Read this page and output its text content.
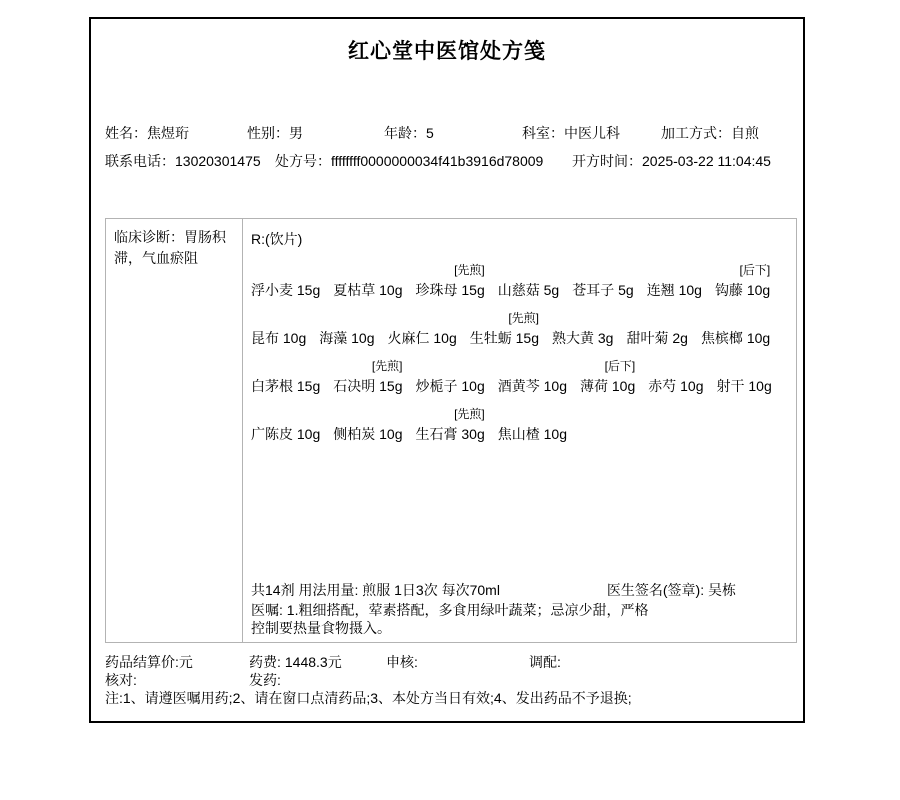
红心堂中医馆处方笺
姓名：焦煜珩	性别：男	年龄：5	科室：中医儿科	加工方式：自煎
联系电话：13020301475	处方号：ffffffff0000000034f41b3916d78009	开方时间：2025-03-22 11:04:45
临床诊断：胃肠积滞，气血瘀阻
R:(饮片)

浮小麦 15g
夏枯草 10g
[先煎]
珍珠母 15g
山慈菇 5g
苍耳子 5g
连翘 10g
[后下]
钩藤 10g

昆布 10g
海藻 10g
火麻仁 10g
[先煎]
生牡蛎 15g
熟大黄 3g
甜叶菊 2g
焦槟榔 10g

白茅根 15g
[先煎]
石决明 15g
炒栀子 10g
酒黄芩 10g
[后下]
薄荷 10g
赤芍 10g
射干 10g

广陈皮 10g
侧柏炭 10g
[先煎]
生石膏 30g
焦山楂 10g
共14剂 用法用量: 煎服 1日3次 每次70ml	医生签名(签章): 吴栋
医嘱: 1.粗细搭配，荤素搭配，多食用绿叶蔬菜；忌凉少甜，严格控制要热量食物摄入。
药品结算价:元	药费: 1448.3元	申核:	调配:
核对:	发药:
注:1、请遵医嘱用药;2、请在窗口点清药品;3、本处方当日有效;4、发出药品不予退换;
